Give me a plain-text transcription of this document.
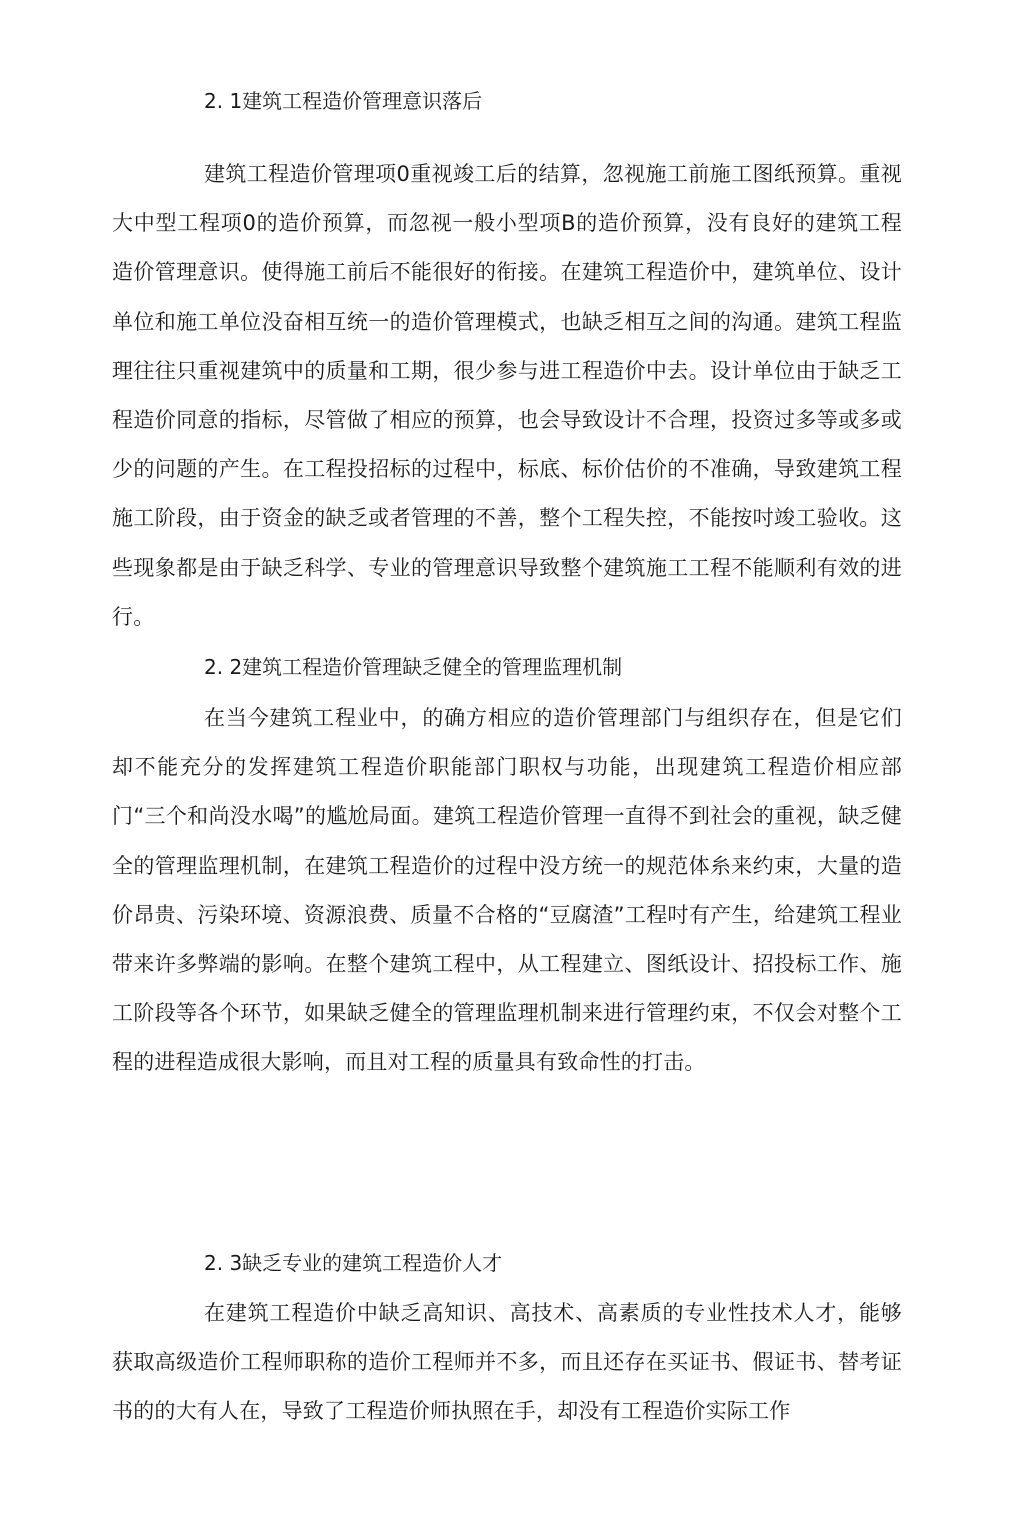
2. 1建筑工程造价管理意识落后

建筑工程造价管理项0重视竣工后的结算，忽视施工前施工图纸预算。重视大中型工程项0的造价预算，而忽视一般小型项B的造价预算，没有良好的建筑工程造价管理意识。使得施工前后不能很好的衔接。在建筑工程造价中，建筑单位、设计单位和施工单位没奋相互统一的造价管理模式，也缺乏相互之间的沟通。建筑工程监理往往只重视建筑中的质量和工期，很少参与进工程造价中去。设计单位由于缺乏工程造价同意的指标，尽管做了相应的预算，也会导致设计不合理，投资过多等或多或少的问题的产生。在工程投招标的过程中，标底、标价估价的不准确，导致建筑工程施工阶段，由于资金的缺乏或者管理的不善，整个工程失控，不能按吋竣工验收。这些现象都是由于缺乏科学、专业的管理意识导致整个建筑施工工程不能顺利有效的进行。

2. 2建筑工程造价管理缺乏健全的管理监理机制

在当今建筑工程业中，的确方相应的造价管理部门与组织存在，但是它们却不能充分的发挥建筑工程造价职能部门职权与功能，出现建筑工程造价相应部门“三个和尚没水喝”的尴尬局面。建筑工程造价管理一直得不到社会的重视，缺乏健全的管理监理机制，在建筑工程造价的过程中没方统一的规范体糸来约束，大量的造价昂贵、污染环境、资源浪费、质量不合格的“豆腐渣”工程吋有产生，给建筑工程业带来许多弊端的影响。在整个建筑工程中，从工程建立、图纸设计、招投标工作、施工阶段等各个环节，如果缺乏健全的管理监理机制来进行管理约束，不仅会对整个工程的进程造成很大影响，而且对工程的质量具有致命性的打击。

2. 3缺乏专业的建筑工程造价人才

在建筑工程造价中缺乏高知识、高技术、高素质的专业性技术人才，能够获取高级造价工程师职称的造价工程师并不多，而且还存在买证书、假证书、替考证书的的大有人在，导致了工程造价师执照在手，却没有工程造价实际工作
